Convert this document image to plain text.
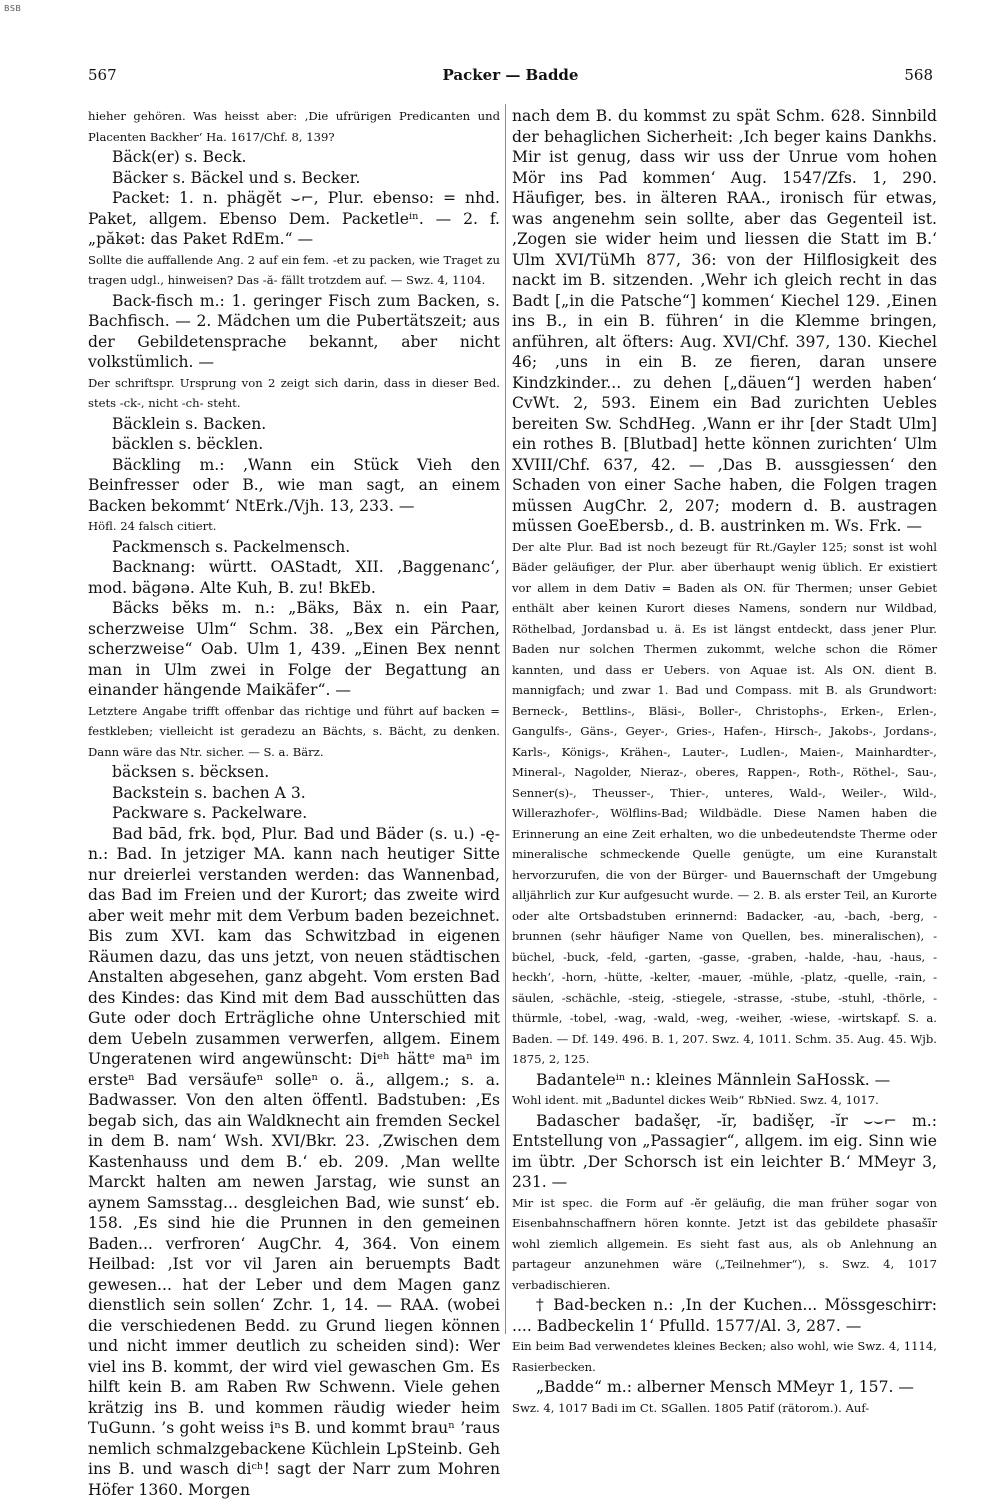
BSB
567	Packer — Badde	568

hieher gehören. Was heisst aber: ‚Die ufrürigen Predicanten und Placenten Backher‘ Ha. 1617/Chf. 8, 139?

Bäck(er) s. Beck.

Bäcker s. Bäckel und s. Becker.

Packet: 1. n. phägĕt ⌣⌐, Plur. ebenso: = nhd. Paket, allgem. Ebenso Dem. Packetleⁱⁿ. — 2. f. „păkət: das Paket RdEm.“ —

Sollte die auffallende Ang. 2 auf ein fem. -et zu packen, wie Traget zu tragen udgl., hinweisen? Das -ă- fällt trotzdem auf. — Swz. 4, 1104.

Back-fisch m.: 1. geringer Fisch zum Backen, s. Bachfisch. — 2. Mädchen um die Pubertätszeit; aus der Gebildetensprache bekannt, aber nicht volkstümlich. —

Der schriftspr. Ursprung von 2 zeigt sich darin, dass in dieser Bed. stets -ck-, nicht -ch- steht.

Bäcklein s. Backen.

bäcklen s. bëcklen.

Bäckling m.: ‚Wann ein Stück Vieh den Beinfresser oder B., wie man sagt, an einem Backen bekommt‘ NtErk./Vjh. 13, 233. —

Höfl. 24 falsch citiert.

Packmensch s. Packelmensch.

Backnang: württ. OAStadt, XII. ‚Baggenanc‘, mod. bägənə. Alte Kuh, B. zu! BkEb.

Bäcks bĕks m. n.: „Bäks, Bäx n. ein Paar, scherzweise Ulm“ Schm. 38. „Bex ein Pärchen, scherzweise“ Oab. Ulm 1, 439. „Einen Bex nennt man in Ulm zwei in Folge der Begattung an einander hängende Maikäfer“. —

Letztere Angabe trifft offenbar das richtige und führt auf backen = festkleben; vielleicht ist geradezu an Bächts, s. Bächt, zu denken. Dann wäre das Ntr. sicher. — S. a. Bärz.

bäcksen s. bëcksen.

Backstein s. bachen A 3.

Packware s. Packelware.

Bad bād, frk. bǫd, Plur. Bad und Bäder (s. u.) -ę- n.: Bad. In jetziger MA. kann nach heutiger Sitte nur dreierlei verstanden werden: das Wannenbad, das Bad im Freien und der Kurort; das zweite wird aber weit mehr mit dem Verbum baden bezeichnet. Bis zum XVI. kam das Schwitzbad in eigenen Räumen dazu, das uns jetzt, von neuen städtischen Anstalten abgesehen, ganz abgeht. Vom ersten Bad des Kindes: das Kind mit dem Bad ausschütten das Gute oder doch Erträgliche ohne Unterschied mit dem Uebeln zusammen verwerfen, allgem. Einem Ungeratenen wird angewünscht: Diᵉʰ hättᵉ maⁿ im ersteⁿ Bad versäufeⁿ solleⁿ o. ä., allgem.; s. a. Badwasser. Von den alten öffentl. Badstuben: ‚Es begab sich, das ain Waldknecht ain fremden Seckel in dem B. nam‘ Wsh. XVI/Bkr. 23. ‚Zwischen dem Kastenhauss und dem B.‘ eb. 209. ‚Man wellte Marckt halten am newen Jarstag, wie sunst an aynem Samsstag... desgleichen Bad, wie sunst‘ eb. 158. ‚Es sind hie die Prunnen in den gemeinen Baden... verfroren‘ AugChr. 4, 364. Von einem Heilbad: ‚Ist vor vil Jaren ain beruempts Badt gewesen... hat der Leber und dem Magen ganz dienstlich sein sollen‘ Zchr. 1, 14. — RAA. (wobei die verschiedenen Bedd. zu Grund liegen können und nicht immer deutlich zu scheiden sind): Wer viel ins B. kommt, der wird viel gewaschen Gm. Es hilft kein B. am Raben Rw Schwenn. Viele gehen krätzig ins B. und kommen räudig wieder heim TuGunn. ’s goht weiss iⁿs B. und kommt brauⁿ ’raus nemlich schmalzgebackene Küchlein LpSteinb. Geh ins B. und wasch diᶜʰ! sagt der Narr zum Mohren Höfer 1360. Morgen

nach dem B. du kommst zu spät Schm. 628. Sinnbild der behaglichen Sicherheit: ‚Ich beger kains Dankhs. Mir ist genug, dass wir uss der Unrue vom hohen Mör ins Pad kommen‘ Aug. 1547/Zfs. 1, 290. Häufiger, bes. in älteren RAA., ironisch für etwas, was angenehm sein sollte, aber das Gegenteil ist. ‚Zogen sie wider heim und liessen die Statt im B.‘ Ulm XVI/TüMh 877, 36: von der Hilflosigkeit des nackt im B. sitzenden. ‚Wehr ich gleich recht in das Badt [„in die Patsche“] kommen‘ Kiechel 129. ‚Einen ins B., in ein B. führen‘ in die Klemme bringen, anführen, alt öfters: Aug. XVI/Chf. 397, 130. Kiechel 46; ‚uns in ein B. ze fieren, daran unsere Kindzkinder... zu dehen [„däuen“] werden haben‘ CvWt. 2, 593. Einem ein Bad zurichten Uebles bereiten Sw. SchdHeg. ‚Wann er ihr [der Stadt Ulm] ein rothes B. [Blutbad] hette können zurichten‘ Ulm XVIII/Chf. 637, 42. — ‚Das B. aussgiessen‘ den Schaden von einer Sache haben, die Folgen tragen müssen AugChr. 2, 207; modern d. B. austragen müssen GoeEbersb., d. B. austrinken m. Ws. Frk. —

Der alte Plur. Bad ist noch bezeugt für Rt./Gayler 125; sonst ist wohl Bäder geläufiger, der Plur. aber überhaupt wenig üblich. Er existiert vor allem in dem Dativ = Baden als ON. für Thermen; unser Gebiet enthält aber keinen Kurort dieses Namens, sondern nur Wildbad, Röthelbad, Jordansbad u. ä. Es ist längst entdeckt, dass jener Plur. Baden nur solchen Thermen zukommt, welche schon die Römer kannten, und dass er Uebers. von Aquae ist. Als ON. dient B. mannigfach; und zwar 1. Bad und Compass. mit B. als Grundwort: Berneck-, Bettlins-, Bläsi-, Boller-, Christophs-, Erken-, Erlen-, Gangulfs-, Gäns-, Geyer-, Gries-, Hafen-, Hirsch-, Jakobs-, Jordans-, Karls-, Königs-, Krähen-, Lauter-, Ludlen-, Maien-, Mainhardter-, Mineral-, Nagolder, Nieraz-, oberes, Rappen-, Roth-, Röthel-, Sau-, Senner(s)-, Theusser-, Thier-, unteres, Wald-, Weiler-, Wild-, Willerazhofer-, Wölflins-Bad; Wildbädle. Diese Namen haben die Erinnerung an eine Zeit erhalten, wo die unbedeutendste Therme oder mineralische schmeckende Quelle genügte, um eine Kuranstalt hervorzurufen, die von der Bürger- und Bauernschaft der Umgebung alljährlich zur Kur aufgesucht wurde. — 2. B. als erster Teil, an Kurorte oder alte Ortsbadstuben erinnernd: Badacker, -au, -bach, -berg, -brunnen (sehr häufiger Name von Quellen, bes. mineralischen), -büchel, -buck, -feld, -garten, -gasse, -graben, -halde, -hau, -haus, -heckh‘, -horn, -hütte, -kelter, -mauer, -mühle, -platz, -quelle, -rain, -säulen, -schächle, -steig, -stiegele, -strasse, -stube, -stuhl, -thörle, -thürmle, -tobel, -wag, -wald, -weg, -weiher, -wiese, -wirtskapf. S. a. Baden. — Df. 149. 496. B. 1, 207. Swz. 4, 1011. Schm. 35. Aug. 45. Wjb. 1875, 2, 125.

Badanteleⁱⁿ n.: kleines Männlein SaHossk. —

Wohl ident. mit „Baduntel dickes Weib“ RbNied. Swz. 4, 1017.

Badascher badašęr, -ĭr, badišęr, -ĭr ⌣⌣⌐ m.: Entstellung von „Passagier“, allgem. im eig. Sinn wie im übtr. ‚Der Schorsch ist ein leichter B.‘ MMeyr 3, 231. —

Mir ist spec. die Form auf -ĕr geläufig, die man früher sogar von Eisenbahnschaffnern hören konnte. Jetzt ist das gebildete phasašīr wohl ziemlich allgemein. Es sieht fast aus, als ob Anlehnung an partageur anzunehmen wäre („Teilnehmer“), s. Swz. 4, 1017 verbadischieren.

† Bad-becken n.: ‚In der Kuchen... Mössgeschirr: .... Badbeckelin 1‘ Pfulld. 1577/Al. 3, 287. —

Ein beim Bad verwendetes kleines Becken; also wohl, wie Swz. 4, 1114, Rasierbecken.

„Badde“ m.: alberner Mensch MMeyr 1, 157. —

Swz. 4, 1017 Badi im Ct. SGallen. 1805 Patif (rätorom.). Auf-
